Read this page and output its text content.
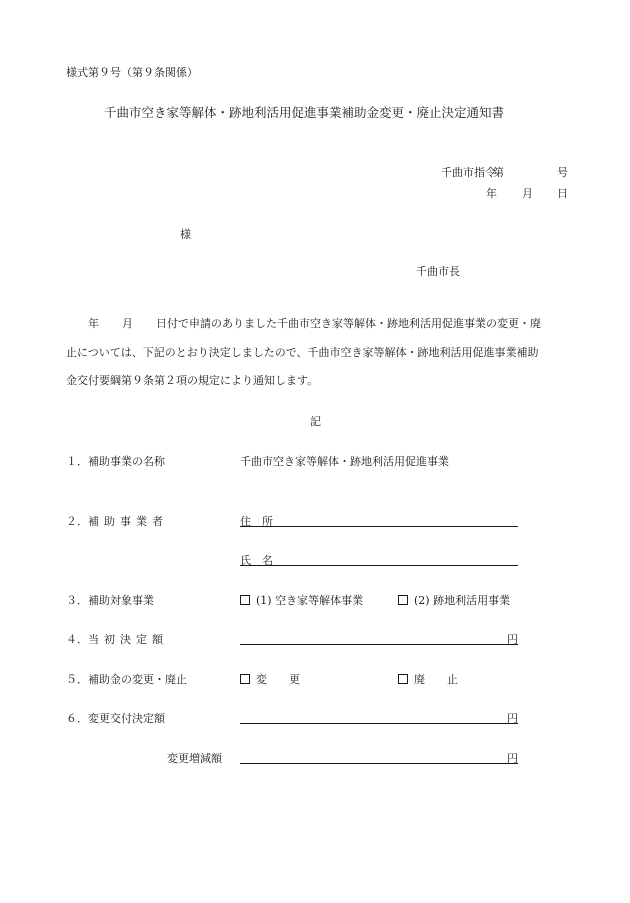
様式第９号（第９条関係）
千曲市空き家等解体・跡地利活用促進事業補助金変更・廃止決定通知書
千曲市指令
第	号
年 月 日
様
千曲市長
年 月 日付で申請のありました千曲市空き家等解体・跡地利活用促進事業の変更・廃
止については、下記のとおり決定しましたので、千曲市空き家等解体・跡地利活用促進事業補助
金交付要綱第９条第２項の規定により通知します。
記
１．補助事業の名称	千曲市空き家等解体・跡地利活用促進事業
２． 補助事業者	住　所
氏　名
３．補助対象事業	(1) 空き家等解体事業	(2) 跡地利活用事業
４． 当初決定額	円
５．補助金の変更・廃止	変　　更	廃　　止
６．変更交付決定額	円
変更増減額	円
